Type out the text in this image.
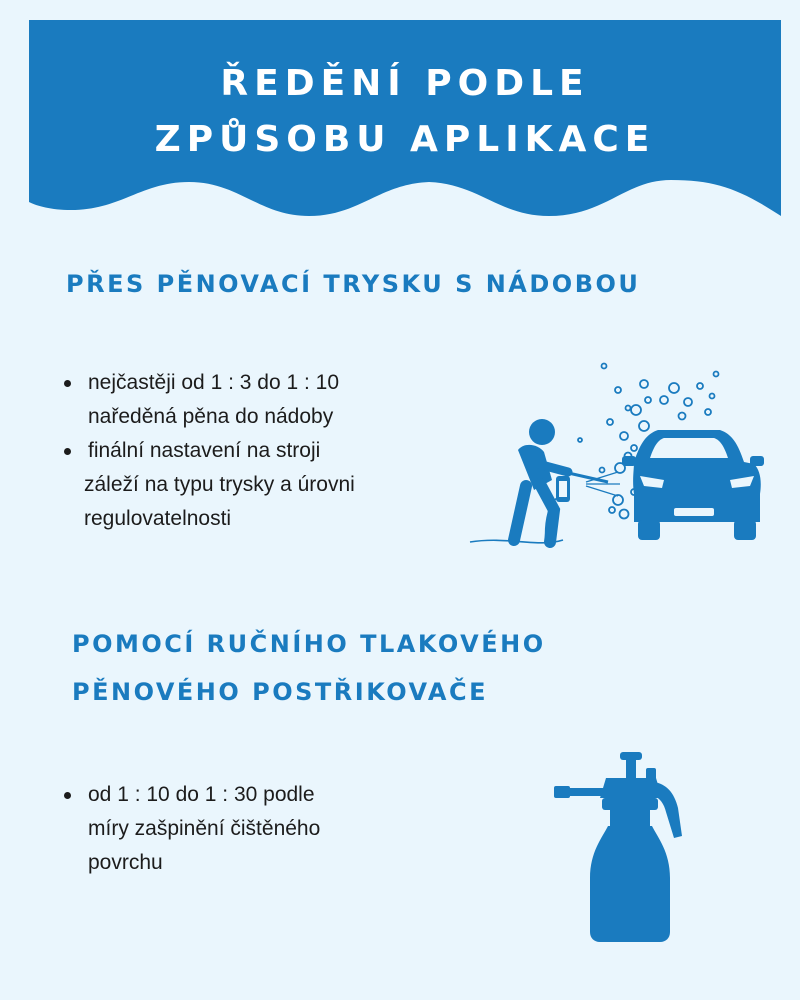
ŘEDĚNÍ PODLE
ZPŮSOBU APLIKACE
PŘES PĚNOVACÍ TRYSKU S NÁDOBOU
nejčastěji od 1 : 3 do 1 : 10
naředěná pěna do nádoby
finální nastavení na stroji
záleží na typu trysky a úrovni
regulovatelnosti
POMOCÍ RUČNÍHO TLAKOVÉHO
PĚNOVÉHO POSTŘIKOVAČE
od 1 : 10 do 1 : 30 podle
míry zašpinění čištěného
povrchu
